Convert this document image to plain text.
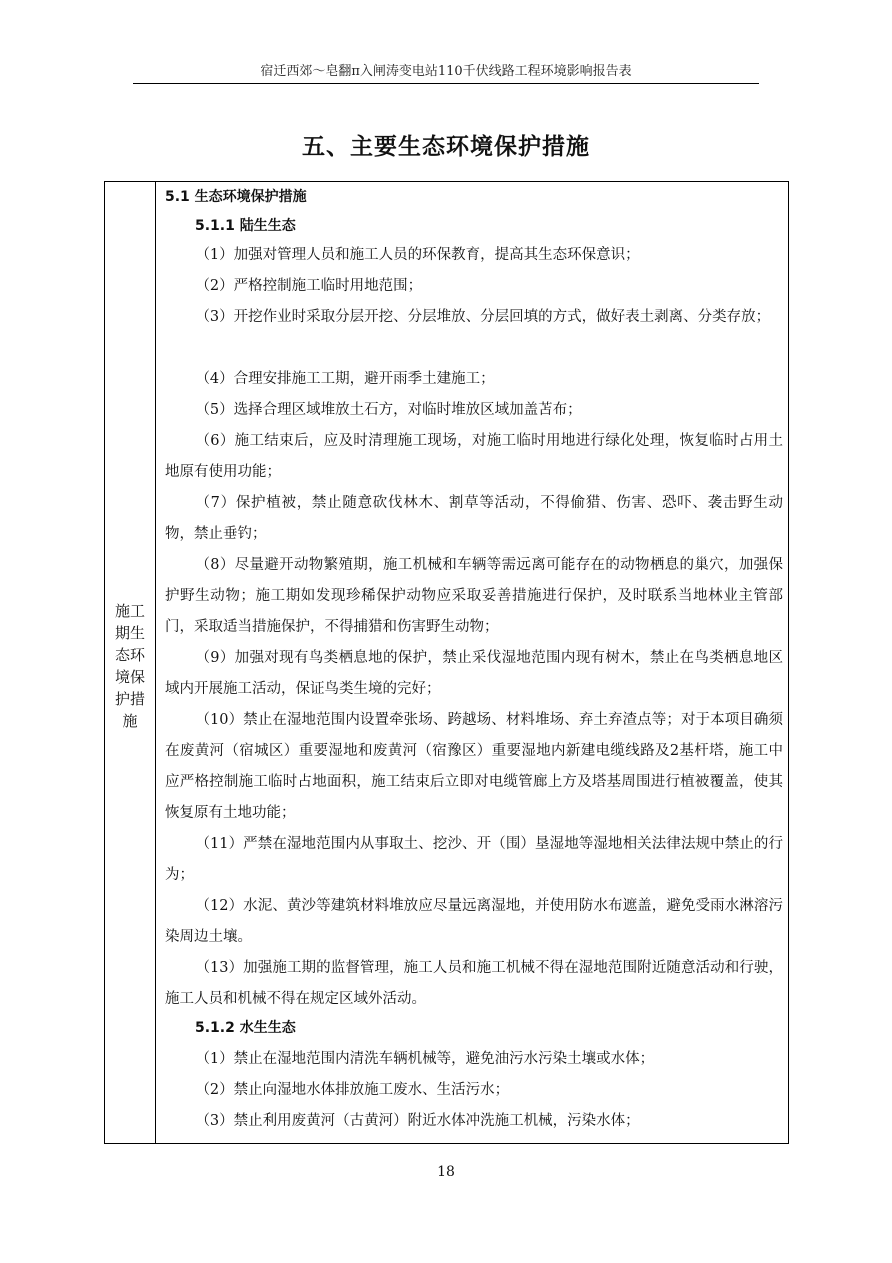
宿迁西郊～皂翻π入闸涛变电站110千伏线路工程环境影响报告表
五、主要生态环境保护措施
施工
期生
态环
境保
护措
施
5.1 生态环境保护措施
5.1.1 陆生生态
（1）加强对管理人员和施工人员的环保教育，提高其生态环保意识；
（2）严格控制施工临时用地范围；
（3）开挖作业时采取分层开挖、分层堆放、分层回填的方式，做好表土剥离、分类存放；
（4）合理安排施工工期，避开雨季土建施工；
（5）选择合理区域堆放土石方，对临时堆放区域加盖苫布；
（6）施工结束后，应及时清理施工现场，对施工临时用地进行绿化处理，恢复临时占用土地原有使用功能；
（7）保护植被，禁止随意砍伐林木、割草等活动，不得偷猎、伤害、恐吓、袭击野生动物，禁止垂钓；
（8）尽量避开动物繁殖期，施工机械和车辆等需远离可能存在的动物栖息的巢穴，加强保护野生动物；施工期如发现珍稀保护动物应采取妥善措施进行保护，及时联系当地林业主管部门，采取适当措施保护，不得捕猎和伤害野生动物；
（9）加强对现有鸟类栖息地的保护，禁止采伐湿地范围内现有树木，禁止在鸟类栖息地区域内开展施工活动，保证鸟类生境的完好；
（10）禁止在湿地范围内设置牵张场、跨越场、材料堆场、弃土弃渣点等；对于本项目确须在废黄河（宿城区）重要湿地和废黄河（宿豫区）重要湿地内新建电缆线路及2基杆塔，施工中应严格控制施工临时占地面积，施工结束后立即对电缆管廊上方及塔基周围进行植被覆盖，使其恢复原有土地功能；
（11）严禁在湿地范围内从事取土、挖沙、开（围）垦湿地等湿地相关法律法规中禁止的行为；
（12）水泥、黄沙等建筑材料堆放应尽量远离湿地，并使用防水布遮盖，避免受雨水淋溶污染周边土壤。
（13）加强施工期的监督管理，施工人员和施工机械不得在湿地范围附近随意活动和行驶，施工人员和机械不得在规定区域外活动。
5.1.2 水生生态
（1）禁止在湿地范围内清洗车辆机械等，避免油污水污染土壤或水体；
（2）禁止向湿地水体排放施工废水、生活污水；
（3）禁止利用废黄河（古黄河）附近水体冲洗施工机械，污染水体；
18
